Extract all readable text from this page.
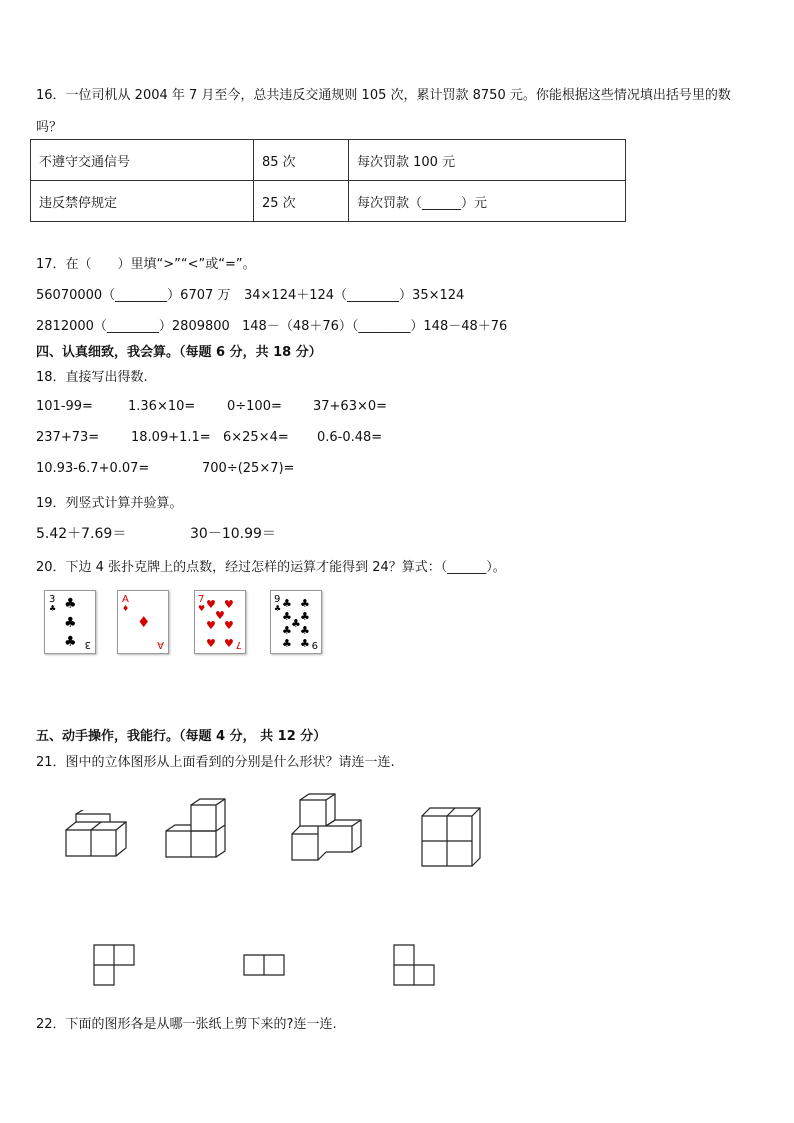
16．一位司机从 2004 年 7 月至今，总共违反交通规则 105 次，累计罚款 8750 元。你能根据这些情况填出括号里的数
吗？
不遵守交通信号	85 次	每次罚款 100 元
违反禁停规定	25 次	每次罚款（______）元
17．在（　　）里填“>”“<”或“=”。
56070000（________）6707 万 34×124＋124（________）35×124
2812000（________）2809800 148－（48＋76）（________）148－48＋76
四、认真细致，我会算。（每题 6 分，共 18 分）
18．直接写出得数.
101-99=	1.36×10= 0÷100= 37+63×0=
237+73= 18.09+1.1= 6×25×4= 0.6-0.48=
10.93-6.7+0.07=	700÷(25×7)=
19．列竖式计算并验算。
5.42＋7.69＝	30－10.99＝
20．下边 4 张扑克牌上的点数，经过怎样的运算才能得到 24？算式：（______）。
3
♣ ♣
♣
♣ 3
A
♦
♦
A
7
♥ ♥ ♥
♥
♥ ♥
♥ ♥ 7
9
♣ ♣ ♣
♣ ♣
♣
♣ ♣
♣ ♣ 9
五、动手操作，我能行。（每题 4 分， 共 12 分）
21．图中的立体图形从上面看到的分别是什么形状？请连一连.
22．下面的图形各是从哪一张纸上剪下来的?连一连.
